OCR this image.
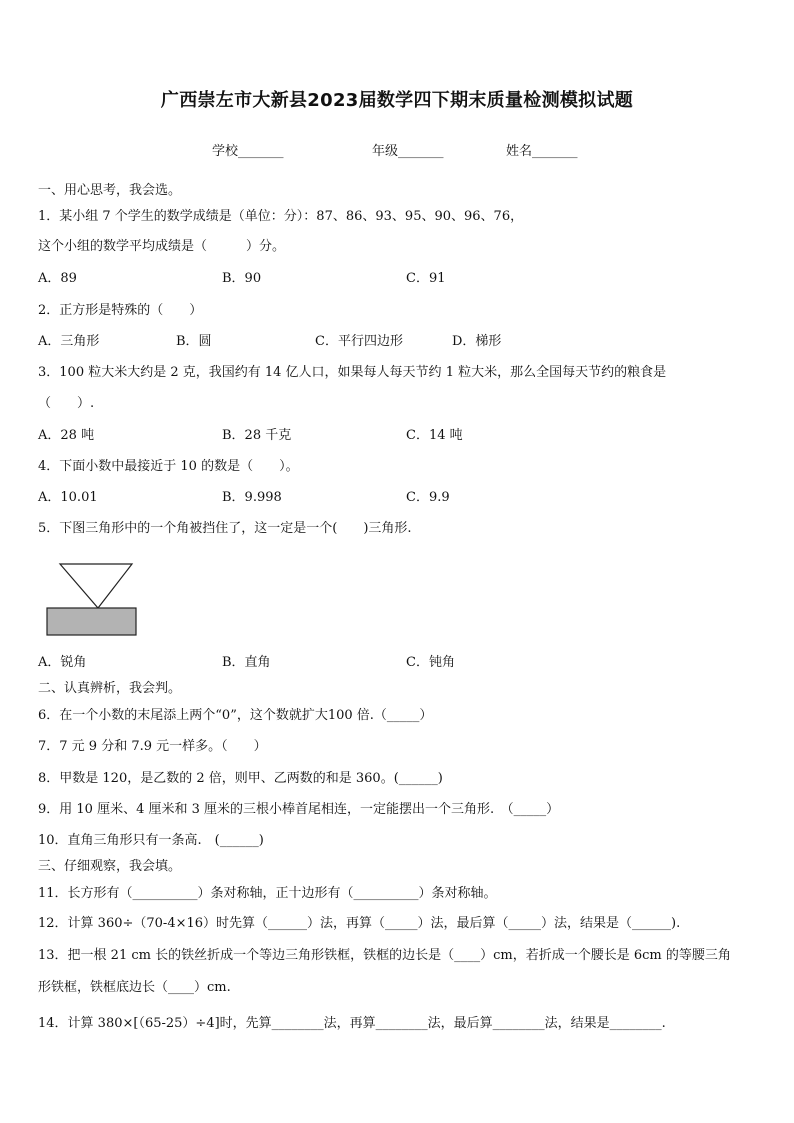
广西崇左市大新县2023届数学四下期末质量检测模拟试题
学校_______	年级_______	姓名_______
一、用心思考，我会选。
1．某小组 7 个学生的数学成绩是（单位：分）：87、86、93、95、90、96、76，
这个小组的数学平均成绩是（　　　）分。
A．89	B．90	C．91
2．正方形是特殊的（　　）
A．三角形	B．圆	C．平行四边形	D．梯形
3．100 粒大米大约是 2 克，我国约有 14 亿人口，如果每人每天节约 1 粒大米，那么全国每天节约的粮食是
（　　）.
A．28 吨	B．28 千克	C．14 吨
4．下面小数中最接近于 10 的数是（　　）。
A．10.01	B．9.998	C．9.9
5．下图三角形中的一个角被挡住了，这一定是一个(　　)三角形.
A．锐角	B．直角	C．钝角
二、认真辨析，我会判。
6．在一个小数的末尾添上两个“0”，这个数就扩大100 倍.（_____）
7．7 元 9 分和 7.9 元一样多。（　　）
8．甲数是 120，是乙数的 2 倍，则甲、乙两数的和是 360。(______)
9．用 10 厘米、4 厘米和 3 厘米的三根小棒首尾相连，一定能摆出一个三角形.　（_____）
10．直角三角形只有一条高.　(______)
三、仔细观察，我会填。
11．长方形有（__________）条对称轴，正十边形有（__________）条对称轴。
12．计算 360÷（70-4×16）时先算（______）法，再算（_____）法，最后算（_____）法，结果是（______).
13．把一根 21 cm 长的铁丝折成一个等边三角形铁框，铁框的边长是（____）cm，若折成一个腰长是 6cm 的等腰三角
形铁框，铁框底边长（____）cm.
14．计算 380×[（65-25）÷4]时，先算________法，再算________法，最后算________法，结果是________.
